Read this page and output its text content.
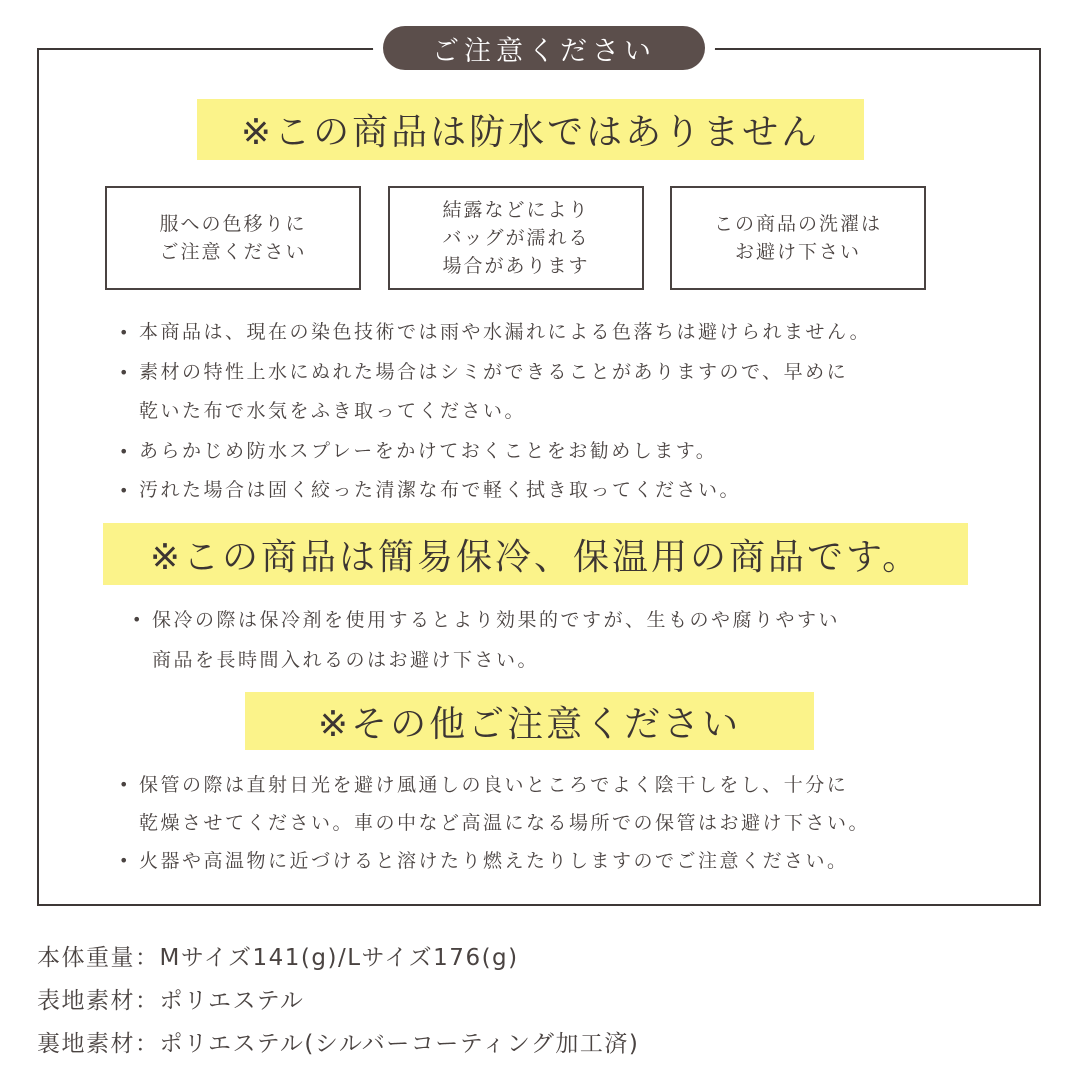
ご注意ください
※この商品は防水ではありません
服への色移りに
ご注意ください
結露などにより
バッグが濡れる
場合があります
この商品の洗濯は
お避け下さい
• 本商品は、現在の染色技術では雨や水漏れによる色落ちは避けられません。
• 素材の特性上水にぬれた場合はシミができることがありますので、早めに
乾いた布で水気をふき取ってください。
• あらかじめ防水スプレーをかけておくことをお勧めします。
• 汚れた場合は固く絞った清潔な布で軽く拭き取ってください。
※この商品は簡易保冷、保温用の商品です。
• 保冷の際は保冷剤を使用するとより効果的ですが、生ものや腐りやすい
商品を長時間入れるのはお避け下さい。
※その他ご注意ください
• 保管の際は直射日光を避け風通しの良いところでよく陰干しをし、十分に
乾燥させてください。車の中など高温になる場所での保管はお避け下さい。
• 火器や高温物に近づけると溶けたり燃えたりしますのでご注意ください。
本体重量：Mサイズ141(g)/Lサイズ176(g)
表地素材：ポリエステル
裏地素材：ポリエステル(シルバーコーティング加工済)
